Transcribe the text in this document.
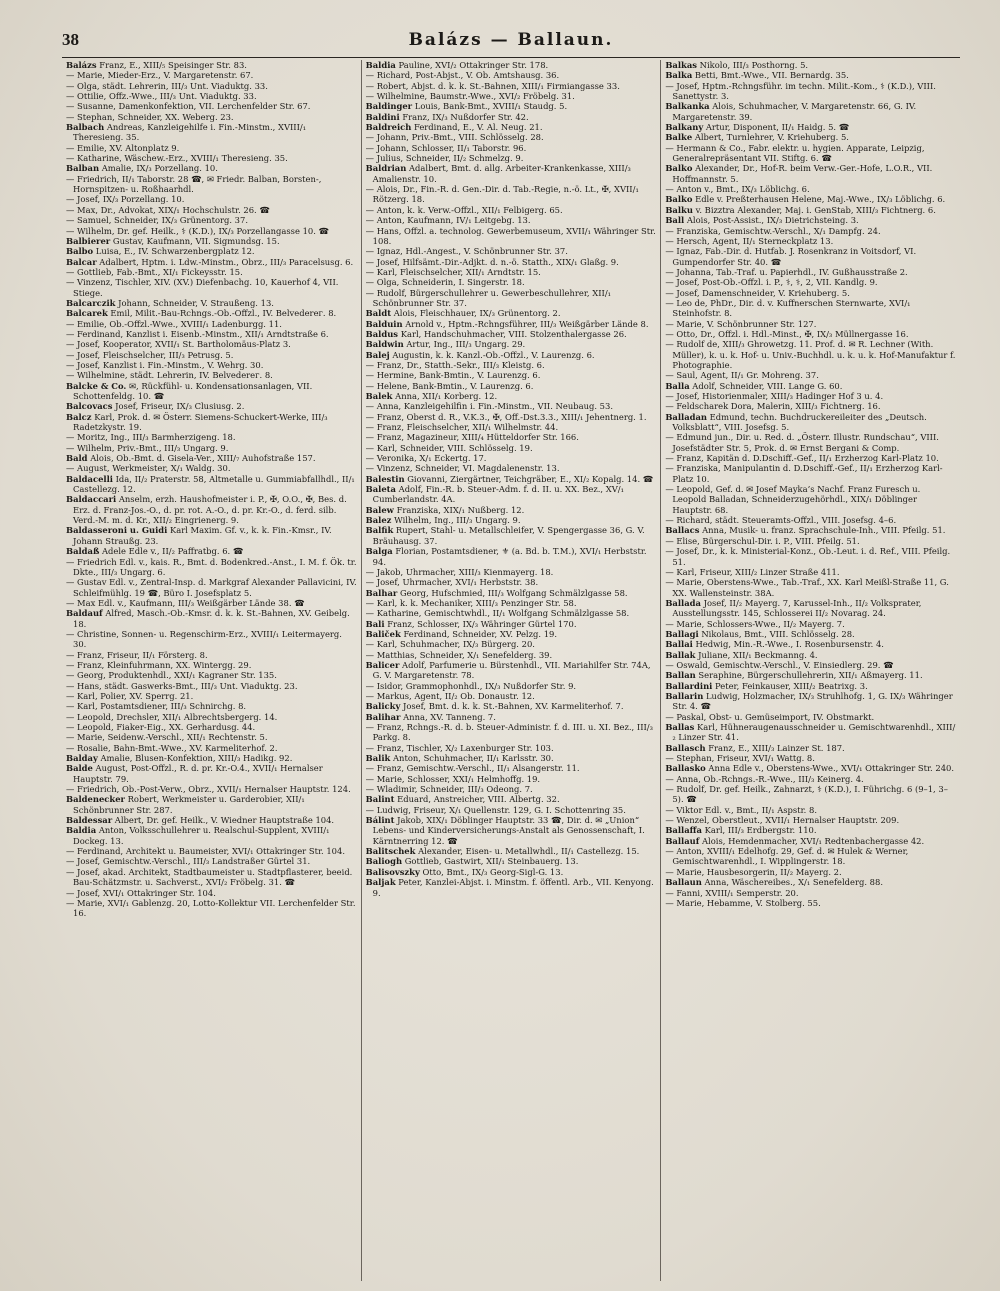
38	Balázs — Ballaun.

Balázs Franz, E., XIII/₅ Speisinger Str. 83.

— Marie, Mieder-Erz., V. Margaretenstr. 67.

— Olga, städt. Lehrerin, III/₃ Unt. Viaduktg. 33.

— Ottilie, Offz.-Wwe., III/₃ Unt. Viaduktg. 33.

— Susanne, Damenkonfektion, VII. Lerchenfelder Str. 67.

— Stephan, Schneider, XX. Weberg. 23.

Balbach Andreas, Kanzleigehilfe i. Fin.-Minstm., XVIII/₁ Theresieng. 35.

— Emilie, XV. Altonplatz 9.

— Katharine, Wäschew.-Erz., XVIII/₁ Theresieng. 35.

Balban Amalie, IX/₃ Porzellang. 10.

— Friedrich, II/₁ Taborstr. 28 ☎, ✉ Friedr. Balban, Borsten-, Hornspitzen- u. Roßhaarhdl.

— Josef, IX/₃ Porzellang. 10.

— Max, Dr., Advokat, XIX/₁ Hochschulstr. 26. ☎

— Samuel, Schneider, IX/₃ Grünentorg. 37.

— Wilhelm, Dr. gef. Heilk., ⚕ (K.D.), IX/₃ Porzellangasse 10. ☎

Balbierer Gustav, Kaufmann, VII. Sigmundsg. 15.

Balbo Luisa, E., IV. Schwarzenbergplatz 12.

Balcar Adalbert, Hptm. i. Ldw.-Minstm., Obrz., III/₃ Paracelsusg. 6.

— Gottlieb, Fab.-Bmt., XI/₁ Fickeysstr. 15.

— Vinzenz, Tischler, XIV. (XV.) Diefenbachg. 10, Kauerhof 4, VII. Stiege.

Balcarczik Johann, Schneider, V. Straußeng. 13.

Balcarek Emil, Milit.-Bau-Rchngs.-Ob.-Offzl., IV. Belvederег. 8.

— Emilie, Ob.-Offzl.-Wwe., XVIII/₁ Ladenburgg. 11.

— Ferdinand, Kanzlist i. Eisenb.-Minstm., XII/₁ Arndtstraße 6.

— Josef, Kooperator, XVII/₁ St. Bartholomäus-Platz 3.

— Josef, Fleischselcher, III/₃ Petrusg. 5.

— Josef, Kanzlist i. Fin.-Minstm., V. Wehrg. 30.

— Wilhelmine, städt. Lehrerin, IV. Belvederег. 8.

Balcke & Co. ✉, Rückfühl- u. Kondensationsanlagen, VII. Schottenfeldg. 10. ☎

Balcovacs Josef, Friseur, IX/₃ Clusiusg. 2.

Balcz Karl, Prok. d. ✉ Österr. Siemens-Schuckert-Werke, III/₃ Radetzkystr. 19.

— Moritz, Ing., III/₃ Barmherzigeng. 18.

— Wilhelm, Priv.-Bmt., III/₃ Ungarg. 9.

Bald Alois, Ob.-Bmt. d. Gisela-Ver., XIII/₇ Auhofstraße 157.

— August, Werkmeister, X/₁ Waldg. 30.

Baldacelli Ida, II/₂ Praterstr. 58, Altmetalle u. Gummiabfallhdl., II/₁ Castellezg. 12.

Baldaccari Anselm, erzh. Haushofmeister i. P., ✠, O.O., ✠, Bes. d. Erz. d. Franz-Jos.-O., d. pr. rot. A.-O., d. pr. Kr.-O., d. ferd. silb. Verd.-M. m. d. Kr., XII/₂ Eingrienerg. 9.

Baldasseroni u. Guidi Karl Maxim. Gf. v., k. k. Fin.-Kmsr., IV. Johann Straußg. 23.

Baldaß Adele Edle v., II/₂ Paffratbg. 6. ☎

— Friedrich Edl. v., kais. R., Bmt. d. Bodenkred.-Anst., I. M. f. Ök. tr. Dkte., III/₃ Ungarg. 6.

— Gustav Edl. v., Zentral-Insp. d. Markgraf Alexander Pallavicini, IV. Schleifmühlg. 19 ☎, Büro I. Josefsplatz 5.

— Max Edl. v., Kaufmann, III/₃ Weißgärber Lände 38. ☎

Baldauf Alfred, Masch.-Ob.-Kmsr. d. k. k. St.-Bahnen, XV. Geibelg. 18.

— Christine, Sonnen- u. Regenschirm-Erz., XVIII/₁ Leitermayerg. 30.

— Franz, Friseur, II/₁ Försterg. 8.

— Franz, Kleinfuhrmann, XX. Wintergg. 29.

— Georg, Produktenhdl., XXI/₁ Kagraner Str. 135.

— Hans, städt. Gaswerks-Bmt., III/₃ Unt. Viaduktg. 23.

— Karl, Polier, XV. Sperrg. 21.

— Karl, Postamtsdiener, III/₃ Schnirchg. 8.

— Leopold, Drechsler, XII/₁ Albrechtsbergerg. 14.

— Leopold, Fiaker-Eig., XX. Gerhardusg. 44.

— Marie, Seidenw.-Verschl., XII/₁ Rechtenstr. 5.

— Rosalie, Bahn-Bmt.-Wwe., XV. Karmeliterhof. 2.

Balday Amalie, Blusen-Konfektion, XIII/₃ Hadikg. 92.

Balde August, Post-Offzl., R. d. pr. Kr.-O.4., XVII/₁ Hernalser Hauptstr. 79.

— Friedrich, Ob.-Post-Verw., Obrz., XVII/₁ Hernalser Hauptstr. 124.

Baldenecker Robert, Werkmeister u. Garderobier, XII/₁ Schönbrunner Str. 287.

Baldessar Albert, Dr. gef. Heilk., V. Wiedner Hauptstraße 104.

Baldia Anton, Volksschullehrer u. Realschul-Supplent, XVIII/₁ Dockeg. 13.

— Ferdinand, Architekt u. Baumeister, XVI/₁ Ottakringer Str. 104.

— Josef, Gemischtw.-Verschl., III/₃ Landstraßer Gürtel 31.

— Josef, akad. Architekt, Stadtbaumeister u. Stadtpflasterer, beeid. Bau-Schätzmstr. u. Sachverst., XVI/₂ Fröbelg. 31. ☎

— Josef, XVI/₁ Ottakringer Str. 104.

— Marie, XVI/₁ Gablenzg. 20, Lotto-Kollektur VII. Lerchenfelder Str. 16.

Baldia Pauline, XVI/₂ Ottakringer Str. 178.

— Richard, Post-Abjst., V. Ob. Amtshausg. 36.

— Robert, Abjst. d. k. k. St.-Bahnen, XIII/₁ Firmiangasse 33.

— Wilhelmine, Baumstr.-Wwe., XVI/₂ Fröbelg. 31.

Baldinger Louis, Bank-Bmt., XVIII/₁ Staudg. 5.

Baldini Franz, IX/₃ Nußdorfer Str. 42.

Baldreich Ferdinand, E., V. Al. Neug. 21.

— Johann, Priv.-Bmt., VIII. Schlösselg. 28.

— Johann, Schlosser, II/₁ Taborstr. 96.

— Julius, Schneider, II/₂ Schmelzg. 9.

Baldrian Adalbert, Bmt. d. allg. Arbeiter-Krankenkasse, XIII/₃ Amalienstr. 10.

— Alois, Dr., Fin.-R. d. Gen.-Dir. d. Tab.-Regie, n.-ö. Lt., ✠, XVII/₁ Rötzerg. 18.

— Anton, k. k. Verw.-Offzl., XII/₁ Felbigerg. 65.

— Anton, Kaufmann, IV/₁ Leitgebg. 13.

— Hans, Offzl. a. technolog. Gewerbemuseum, XVII/₁ Währinger Str. 108.

— Ignaz, Hdl.-Angest., V. Schönbrunner Str. 37.

— Josef, Hilfsämt.-Dir.-Adjkt. d. n.-ö. Statth., XIX/₁ Glaßg. 9.

— Karl, Fleischselcher, XII/₁ Arndtstr. 15.

— Olga, Schneiderin, I. Singerstr. 18.

— Rudolf, Bürgerschullehrer u. Gewerbeschullehrer, XII/₁ Schönbrunner Str. 37.

Baldt Alois, Fleischhauer, IX/₃ Grünentorg. 2.

Balduin Arnold v., Hptm.-Rchngsführer, III/₃ Weißgärber Lände 8.

Baldus Karl, Handschuhmacher, VIII. Stolzenthalergasse 26.

Baldwin Artur, Ing., III/₃ Ungarg. 29.

Balej Augustin, k. k. Kanzl.-Ob.-Offzl., V. Laurenzg. 6.

— Franz, Dr., Statth.-Sekr., III/₃ Kleistg. 6.

— Hermine, Bank-Bmtin., V. Laurenzg. 6.

— Helene, Bank-Bmtin., V. Laurenzg. 6.

Balek Anna, XII/₁ Korberg. 12.

— Anna, Kanzleigehilfin i. Fin.-Minstm., VII. Neubaug. 53.

— Franz, Oberst d. R., V.K.3., ✠, Off.-Dst.3.3., XIII/₁ Jehentnerg. 1.

— Franz, Fleischselcher, XII/₁ Wilhelmstr. 44.

— Franz, Magazineur, XIII/₄ Hütteldorfer Str. 166.

— Karl, Schneider, VIII. Schlösselg. 19.

— Veronika, X/₁ Eckertg. 17.

— Vinzenz, Schneider, VI. Magdalenenstr. 13.

Balestin Giovanni, Ziergärtner, Teichgräber, E., XI/₂ Kopalg. 14. ☎

Baleta Adolf, Fin.-R. b. Steuer-Adm. f. d. II. u. XX. Bez., XV/₁ Cumberlandstr. 4A.

Balew Franziska, XIX/₁ Nußberg. 12.

Balez Wilhelm, Ing., III/₃ Ungarg. 9.

Balfik Rupert, Stahl- u. Metallschleifer, V. Spengergasse 36, G. V. Bräuhausg. 37.

Balga Florian, Postamtsdiener, ⚜ (a. Bd. b. T.M.), XVI/₁ Herbststr. 94.

— Jakob, Uhrmacher, XIII/₃ Kienmayerg. 18.

— Josef, Uhrmacher, XVI/₁ Herbststr. 38.

Balhar Georg, Hufschmied, III/₃ Wolfgang Schmälzlgasse 58.

— Karl, k. k. Mechaniker, XIII/₃ Penzinger Str. 58.

— Katharine, Gemischtwhdl., II/₁ Wolfgang Schmälzlgasse 58.

Bali Franz, Schlosser, IX/₃ Währinger Gürtel 170.

Baliček Ferdinand, Schneider, XV. Pelzg. 19.

— Karl, Schuhmacher, IX/₃ Bürgerg. 20.

— Matthias, Schneider, X/₁ Senefelderg. 39.

Balicer Adolf, Parfumerie u. Bürstenhdl., VII. Mariahilfer Str. 74A, G. V. Margaretenstr. 78.

— Isidor, Grammophonhdl., IX/₃ Nußdorfer Str. 9.

— Markus, Agent, II/₂ Ob. Donaustr. 12.

Balicky Josef, Bmt. d. k. k. St.-Bahnen, XV. Karmeliterhof. 7.

Balihar Anna, XV. Tanneng. 7.

— Franz, Rchngs.-R. d. b. Steuer-Administr. f. d. III. u. XI. Bez., III/₃ Parkg. 8.

— Franz, Tischler, X/₂ Laxenburger Str. 103.

Balik Anton, Schuhmacher, II/₁ Karlsstr. 30.

— Franz, Gemischtw.-Verschl., II/₁ Alsangerstr. 11.

— Marie, Schlosser, XXI/₁ Helmhoffg. 19.

— Wladimir, Schneider, III/₃ Odeong. 7.

Balint Eduard, Anstreicher, VIII. Albertg. 32.

— Ludwig, Friseur, X/₁ Quellenstr. 129, G. I. Schottenring 35.

Bálint Jakob, XIX/₁ Döblinger Hauptstr. 33 ☎, Dir. d. ✉ „Union“ Lebens- und Kinderversicherungs-Anstalt als Genossenschaft, I. Kärntnerring 12. ☎

Balitschek Alexander, Eisen- u. Metallwhdl., II/₁ Castellezg. 15.

Baliogh Gottlieb, Gastwirt, XII/₁ Steinbauerg. 13.

Balisovszky Otto, Bmt., IX/₃ Georg-Sigl-G. 13.

Baljak Peter, Kanzlei-Abjst. i. Minstm. f. öffentl. Arb., VII. Kenyong. 9.

Balkas Nikolo, III/₃ Posthorng. 5.

Balka Betti, Bmt.-Wwe., VII. Bernardg. 35.

— Josef, Hptm.-Rchngsführ. im techn. Milit.-Kom., ⚕ (K.D.), VIII. Sanettystr. 3.

Balkanka Alois, Schuhmacher, V. Margaretenstr. 66, G. IV. Margaretenstr. 39.

Balkany Artur, Disponent, II/₁ Haidg. 5. ☎

Balke Albert, Turnlehrer, V. Kriehuberg. 5.

— Hermann & Co., Fabr. elektr. u. hygien. Apparate, Leipzig, Generalrepräsentant VII. Stiftg. 6. ☎

Balko Alexander, Dr., Hof-R. beim Verw.-Ger.-Hofe, L.O.R., VII. Hoffmannstr. 5.

— Anton v., Bmt., IX/₃ Löblichg. 6.

Balko Edle v. Preßterhausen Helene, Maj.-Wwe., IX/₃ Löblichg. 6.

Balku v. Bizztra Alexander, Maj. i. GenStab, XIII/₃ Fichtnerg. 6.

Ball Alois, Post-Assist., IX/₃ Dietrichsteing. 3.

— Franziska, Gemischtw.-Verschl., X/₁ Dampfg. 24.

— Hersch, Agent, II/₁ Sterneckplatz 13.

— Ignaz, Fab.-Dir. d. Hutfab. J. Rosenkranz in Voitsdorf, VI. Gumpendorfer Str. 40. ☎

— Johanna, Tab.-Traf. u. Papierhdl., IV. Gußhausstraße 2.

— Josef, Post-Ob.-Offzl. i. P., ⚕, ⚕, 2, VII. Kandlg. 9.

— Josef, Damenschneider, V. Kriehuberg. 5.

— Leo de, PhDr., Dir. d. v. Kuffnerschen Sternwarte, XVI/₁ Steinhofstr. 8.

— Marie, V. Schönbrunner Str. 127.

— Otto, Dr., Offzl. i. Hdl.-Minst., ✠, IX/₃ Müllnergasse 16.

— Rudolf de, XIII/₃ Ghrowetzg. 11. Prof. d. ✉ R. Lechner (With. Müller), k. u. k. Hof- u. Univ.-Buchhdl. u. k. u. k. Hof-Manufaktur f. Photographie.

— Saul, Agent, II/₁ Gr. Mohreng. 37.

Balla Adolf, Schneider, VIII. Lange G. 60.

— Josef, Historienmaler, XIII/₃ Hadinger Hof 3 u. 4.

— Feldscharek Dora, Malerin, XIII/₃ Fichtnerg. 16.

Balladan Edmund, techn. Buchdruckereileiter des „Deutsch. Volksblatt“, VIII. Josefsg. 5.

— Edmund jun., Dir. u. Red. d. „Österr. Illustr. Rundschau“, VIII. Josefstädter Str. 5, Prok. d. ✉ Ernst Bergani & Comp.

— Franz, Kapitän d. D.Dschiff.-Gef., II/₁ Erzherzog Karl-Platz 10.

— Franziska, Manipulantin d. D.Dschiff.-Gef., II/₁ Erzherzog Karl-Platz 10.

— Leopold, Gef. d. ✉ Josef Mayka’s Nachf. Franz Furesch u. Leopold Balladan, Schneiderzugehörhdl., XIX/₁ Döblinger Hauptstr. 68.

— Richard, städt. Steueramts-Offzl., VIII. Josefsg. 4–6.

Ballacs Anna, Musik- u. franz. Sprachschule-Inh., VIII. Pfeilg. 51.

— Elise, Bürgerschul-Dir. i. P., VIII. Pfeilg. 51.

— Josef, Dr., k. k. Ministerial-Konz., Ob.-Leut. i. d. Ref., VIII. Pfeilg. 51.

— Karl, Friseur, XIII/₂ Linzer Straße 411.

— Marie, Oberstens-Wwe., Tab.-Traf., XX. Karl Meißl-Straße 11, G. XX. Wallensteinstr. 38A.

Ballada Josef, II/₂ Mayerg. 7, Karussel-Inh., II/₂ Volksprater, Ausstellungsstr. 145, Schlosserei II/₂ Novarag. 24.

— Marie, Schlossers-Wwe., II/₂ Mayerg. 7.

Ballagi Nikolaus, Bmt., VIII. Schlösselg. 28.

Ballai Hedwig, Min.-R.-Wwe., I. Rosenbursenstr. 4.

Ballak Juliane, XII/₁ Beckmanng. 4.

— Oswald, Gemischtw.-Verschl., V. Einsiedlerg. 29. ☎

Ballan Seraphine, Bürgerschullehrerin, XII/₁ Aßmayerg. 11.

Ballardini Peter, Feinkauser, XIII/₂ Beatrixg. 3.

Ballarin Ludwig, Holzmacher, IX/₃ Struhlhofg. 1, G. IX/₃ Währinger Str. 4. ☎

— Paskal, Obst- u. Gemüseimport, IV. Obstmarkt.

Ballas Karl, Hühneraugenausschneider u. Gemischtwarenhdl., XIII/₂ Linzer Str. 41.

Ballasch Franz, E., XIII/₃ Lainzer St. 187.

— Stephan, Friseur, XVI/₁ Wattg. 8.

Ballasko Anna Edle v., Oberstens-Wwe., XVI/₁ Ottakringer Str. 240.

— Anna, Ob.-Rchngs.-R.-Wwe., III/₃ Keinerg. 4.

— Rudolf, Dr. gef. Heilk., Zahnarzt, ⚕ (K.D.), I. Führichg. 6 (9–1, 3–5). ☎

— Viktor Edl. v., Bmt., II/₁ Aspstr. 8.

— Wenzel, Oberstleut., XVII/₁ Hernalser Hauptstr. 209.

Ballaffa Karl, III/₃ Erdbergstr. 110.

Ballauf Alois, Hemdenmacher, XVI/₁ Redtenbachergasse 42.

— Anton, XVIII/₁ Edelhofg. 29, Gef. d. ✉ Hulek & Werner, Gemischtwarenhdl., I. Wipplingerstr. 18.

— Marie, Hausbesorgerin, II/₂ Mayerg. 2.

Ballaun Anna, Wäschereibes., X/₁ Senefelderg. 88.

— Fanni, XVIII/₁ Semperstr. 20.

— Marie, Hebamme, V. Stolberg. 55.
